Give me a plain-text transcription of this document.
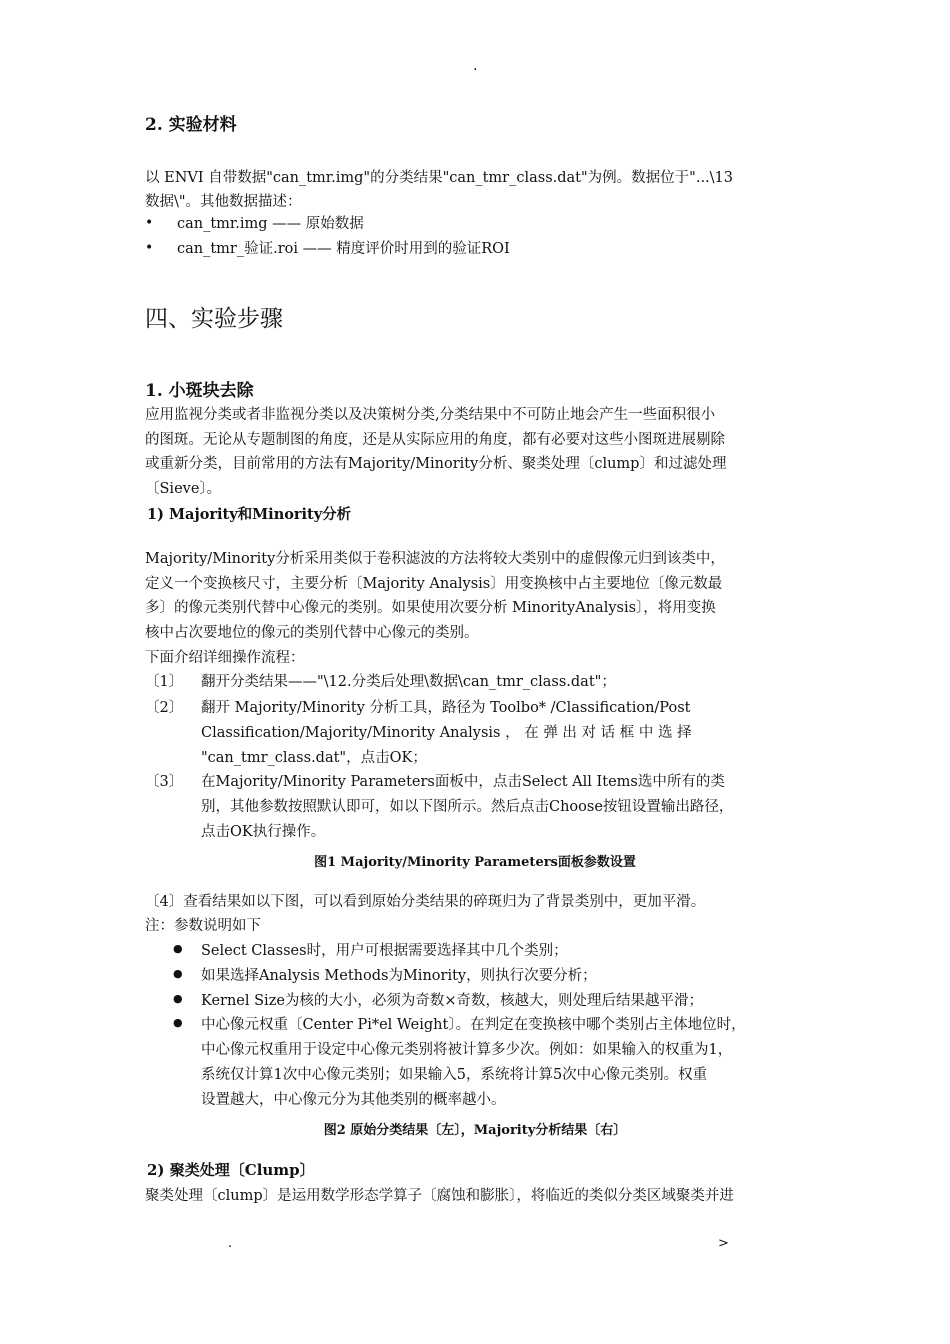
.
2. 实验材料
以 ENVI 自带数据"can_tmr.img"的分类结果"can_tmr_class.dat"为例。数据位于"...\13
数据\"。其他数据描述：
• can_tmr.img —— 原始数据
• can_tmr_验证.roi —— 精度评价时用到的验证ROI
四、实验步骤
1. 小斑块去除
应用监视分类或者非监视分类以及决策树分类,分类结果中不可防止地会产生一些面积很小
的图斑。无论从专题制图的角度，还是从实际应用的角度，都有必要对这些小图斑进展剔除
或重新分类，目前常用的方法有Majority/Minority分析、聚类处理〔clump〕和过滤处理
〔Sieve〕。
1) Majority和Minority分析
Majority/Minority分析采用类似于卷积滤波的方法将较大类别中的虚假像元归到该类中，
定义一个变换核尺寸，主要分析〔Majority Analysis〕用变换核中占主要地位〔像元数最
多〕的像元类别代替中心像元的类别。如果使用次要分析 MinorityAnalysis〕，将用变换
核中占次要地位的像元的类别代替中心像元的类别。
下面介绍详细操作流程：
〔1〕 翻开分类结果——"\12.分类后处理\数据\can_tmr_class.dat"；
〔2〕 翻开 Majority/Minority 分析工具，路径为 Toolbo* /Classification/Post
Classification/Majority/Minority Analysis ， 在 弹 出 对 话 框 中 选 择
"can_tmr_class.dat"，点击OK；
〔3〕 在Majority/Minority Parameters面板中，点击Select All Items选中所有的类
别，其他参数按照默认即可，如以下图所示。然后点击Choose按钮设置输出路径，
点击OK执行操作。
图1 Majority/Minority Parameters面板参数设置
〔4〕查看结果如以下图，可以看到原始分类结果的碎斑归为了背景类别中，更加平滑。
注：参数说明如下
● Select Classes时，用户可根据需要选择其中几个类别；
● 如果选择Analysis Methods为Minority，则执行次要分析；
● Kernel Size为核的大小，必须为奇数×奇数，核越大，则处理后结果越平滑；
● 中心像元权重〔Center Pi*el Weight〕。在判定在变换核中哪个类别占主体地位时，
中心像元权重用于设定中心像元类别将被计算多少次。例如：如果输入的权重为1，
系统仅计算1次中心像元类别；如果输入5，系统将计算5次中心像元类别。权重
设置越大，中心像元分为其他类别的概率越小。
图2 原始分类结果〔左〕，Majority分析结果〔右〕
2) 聚类处理〔Clump〕
聚类处理〔clump〕是运用数学形态学算子〔腐蚀和膨胀〕，将临近的类似分类区域聚类并进
.	>
